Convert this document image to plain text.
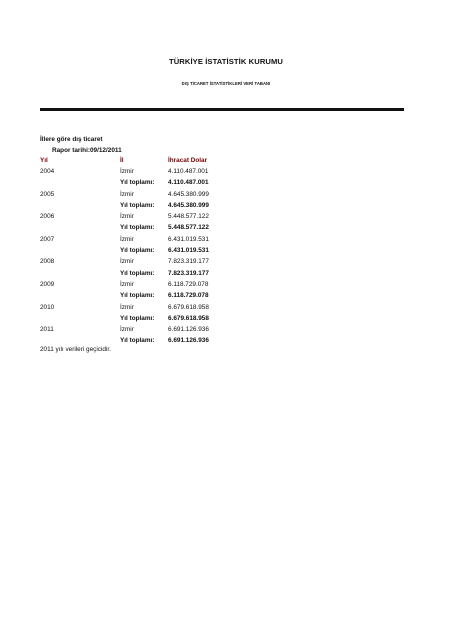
TÜRKİYE İSTATİSTİK KURUMU
DIŞ TİCARET İSTATİSTİKLERİ VERİ TABANI
İllere göre dış ticaret
Rapor tarihi:09/12/2011
Yıl	İl	İhracat Dolar
2004	İzmir	4.110.487.001
Yıl toplamı: 4.110.487.001
2005	İzmir	4.645.380.999
Yıl toplamı: 4.645.380.999
2006	İzmir	5.448.577.122
Yıl toplamı: 5.448.577.122
2007	İzmir	6.431.019.531
Yıl toplamı: 6.431.019.531
2008	İzmir	7.823.319.177
Yıl toplamı: 7.823.319.177
2009	İzmir	6.118.729.078
Yıl toplamı: 6.118.729.078
2010	İzmir	6.679.618.958
Yıl toplamı: 6.679.618.958
2011	İzmir	6.691.126.936
Yıl toplamı: 6.691.126.936
2011 yılı verileri geçicidir.
